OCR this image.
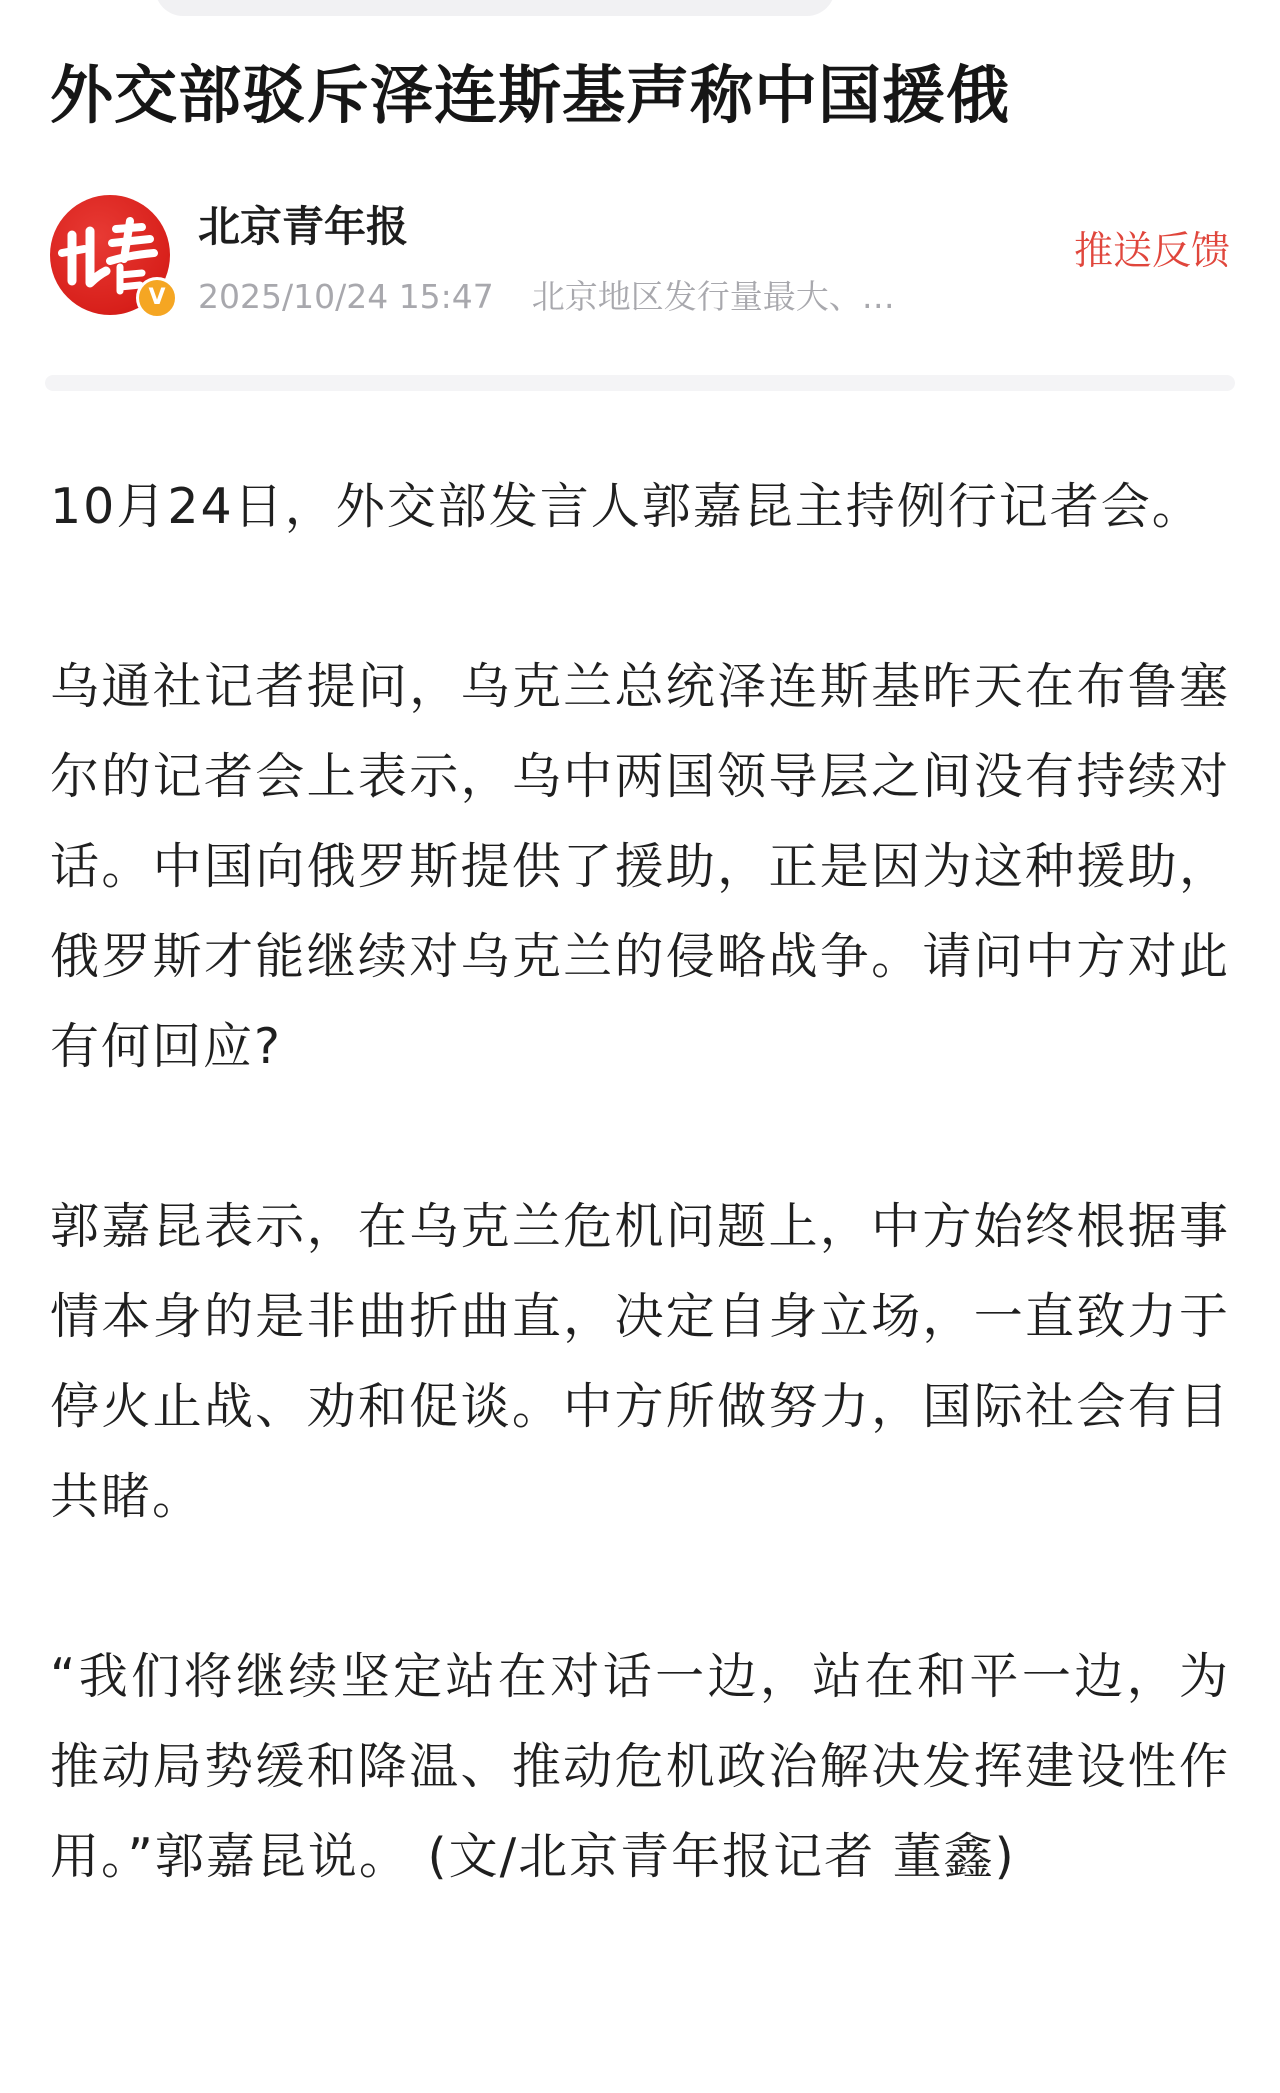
外交部驳斥泽连斯基声称中国援俄
V
北京青年报
2025/10/24 15:47 北京地区发行量最大、…
推送反馈

10月24日，外交部发言人郭嘉昆主持例行记者会。

乌通社记者提问，乌克兰总统泽连斯基昨天在布鲁塞尔的记者会上表示，乌中两国领导层之间没有持续对话。中国向俄罗斯提供了援助，正是因为这种援助，俄罗斯才能继续对乌克兰的侵略战争。请问中方对此有何回应?

郭嘉昆表示，在乌克兰危机问题上，中方始终根据事情本身的是非曲折曲直，决定自身立场，一直致力于停火止战、劝和促谈。中方所做努力，国际社会有目共睹。

“我们将继续坚定站在对话一边，站在和平一边，为推动局势缓和降温、推动危机政治解决发挥建设性作用。”郭嘉昆说。 (文/北京青年报记者 董鑫)
